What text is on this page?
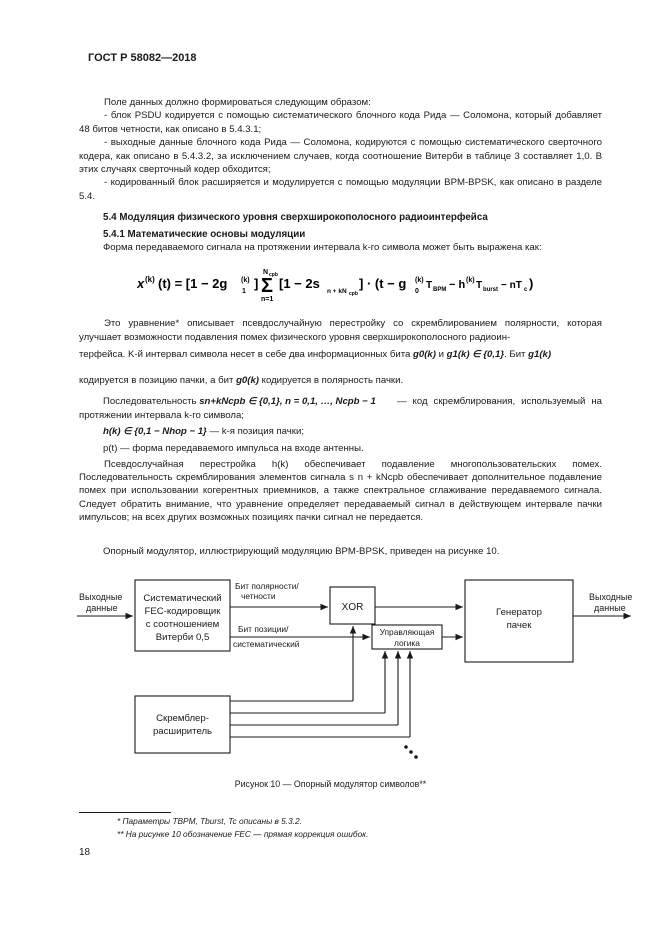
ГОСТ Р 58082—2018
Поле данных должно формироваться следующим образом:
- блок PSDU кодируется с помощью систематического блочного кода Рида — Соломона, который добавляет 48 битов четности, как описано в 5.4.3.1;
- выходные данные блочного кода Рида — Соломона, кодируются с помощью систематического сверточного кодера, как описано в 5.4.3.2, за исключением случаев, когда соотношение Витерби в таблице 3 составляет 1,0. В этих случаях сверточный кодер обходится;
- кодированный блок расширяется и модулируется с помощью модуляции BPM-BPSK, как описано в разделе 5.4.
5.4 Модуляция физического уровня сверхширокополосного радиоинтерфейса
5.4.1 Математические основы модуляции
Форма передаваемого сигнала на протяжении интервала k-го символа может быть выражена как:
x (k) (t) = [1 − 2g
1
(k) ]
N cpb
Σ
n=1
[1 − 2s
n + kN cpb
] · (t − g
0
(k) T BPM − h (k) T burst − nT c )
Это уравнение* описывает псевдослучайную перестройку со скремблированием полярности, которая улучшает возможности подавления помех физического уровня сверхширокополосного радиоин-
терфейса. K-й интервал символа несет в себе два информационных бита g0(k) и g1(k) ∈ {0,1}. Бит g1(k)
кодируется в позицию пачки, а бит g0(k) кодируется в полярность пачки.
Последовательность sn+kNcpb ∈ {0,1}, n = 0,1, …, Ncpb − 1	— код скремблирования, используемый на протяжении интервала k-го символа;
h(k) ∈ {0,1 − Nhop − 1} — k-я позиция пачки;
p(t) — форма передаваемого импульса на входе антенны.
Псевдослучайная перестройка h(k) обеспечивает подавление многопользовательских помех. Последовательность скремблирования элементов сигнала s n + kNcpb обеспечивает дополнительное подавление помех при использовании когерентных приемников, а также спектральное сглаживание передаваемого сигнала. Следует обратить внимание, что уравнение определяет передаваемый сигнал в действующем интервале пачки импульсов; на всех других возможных позициях пачки сигнал не передается.
Опорный модулятор, иллюстрирующий модуляцию BPM-BPSK, приведен на рисунке 10.
Выходные
данные
Систематический
FEC-кодировщик
с соотношением
Витерби 0,5
Бит полярности/
четности
Бит позиции/
систематический
XOR
Управляющая
логика
Генератор
пачек
Выходные
данные
Скремблер-
расширитель
Рисунок 10 — Опорный модулятор символов**
* Параметры TBPM, Tburst, Tc описаны в 5.3.2.
** На рисунке 10 обозначение FEC — прямая коррекция ошибок.
18
